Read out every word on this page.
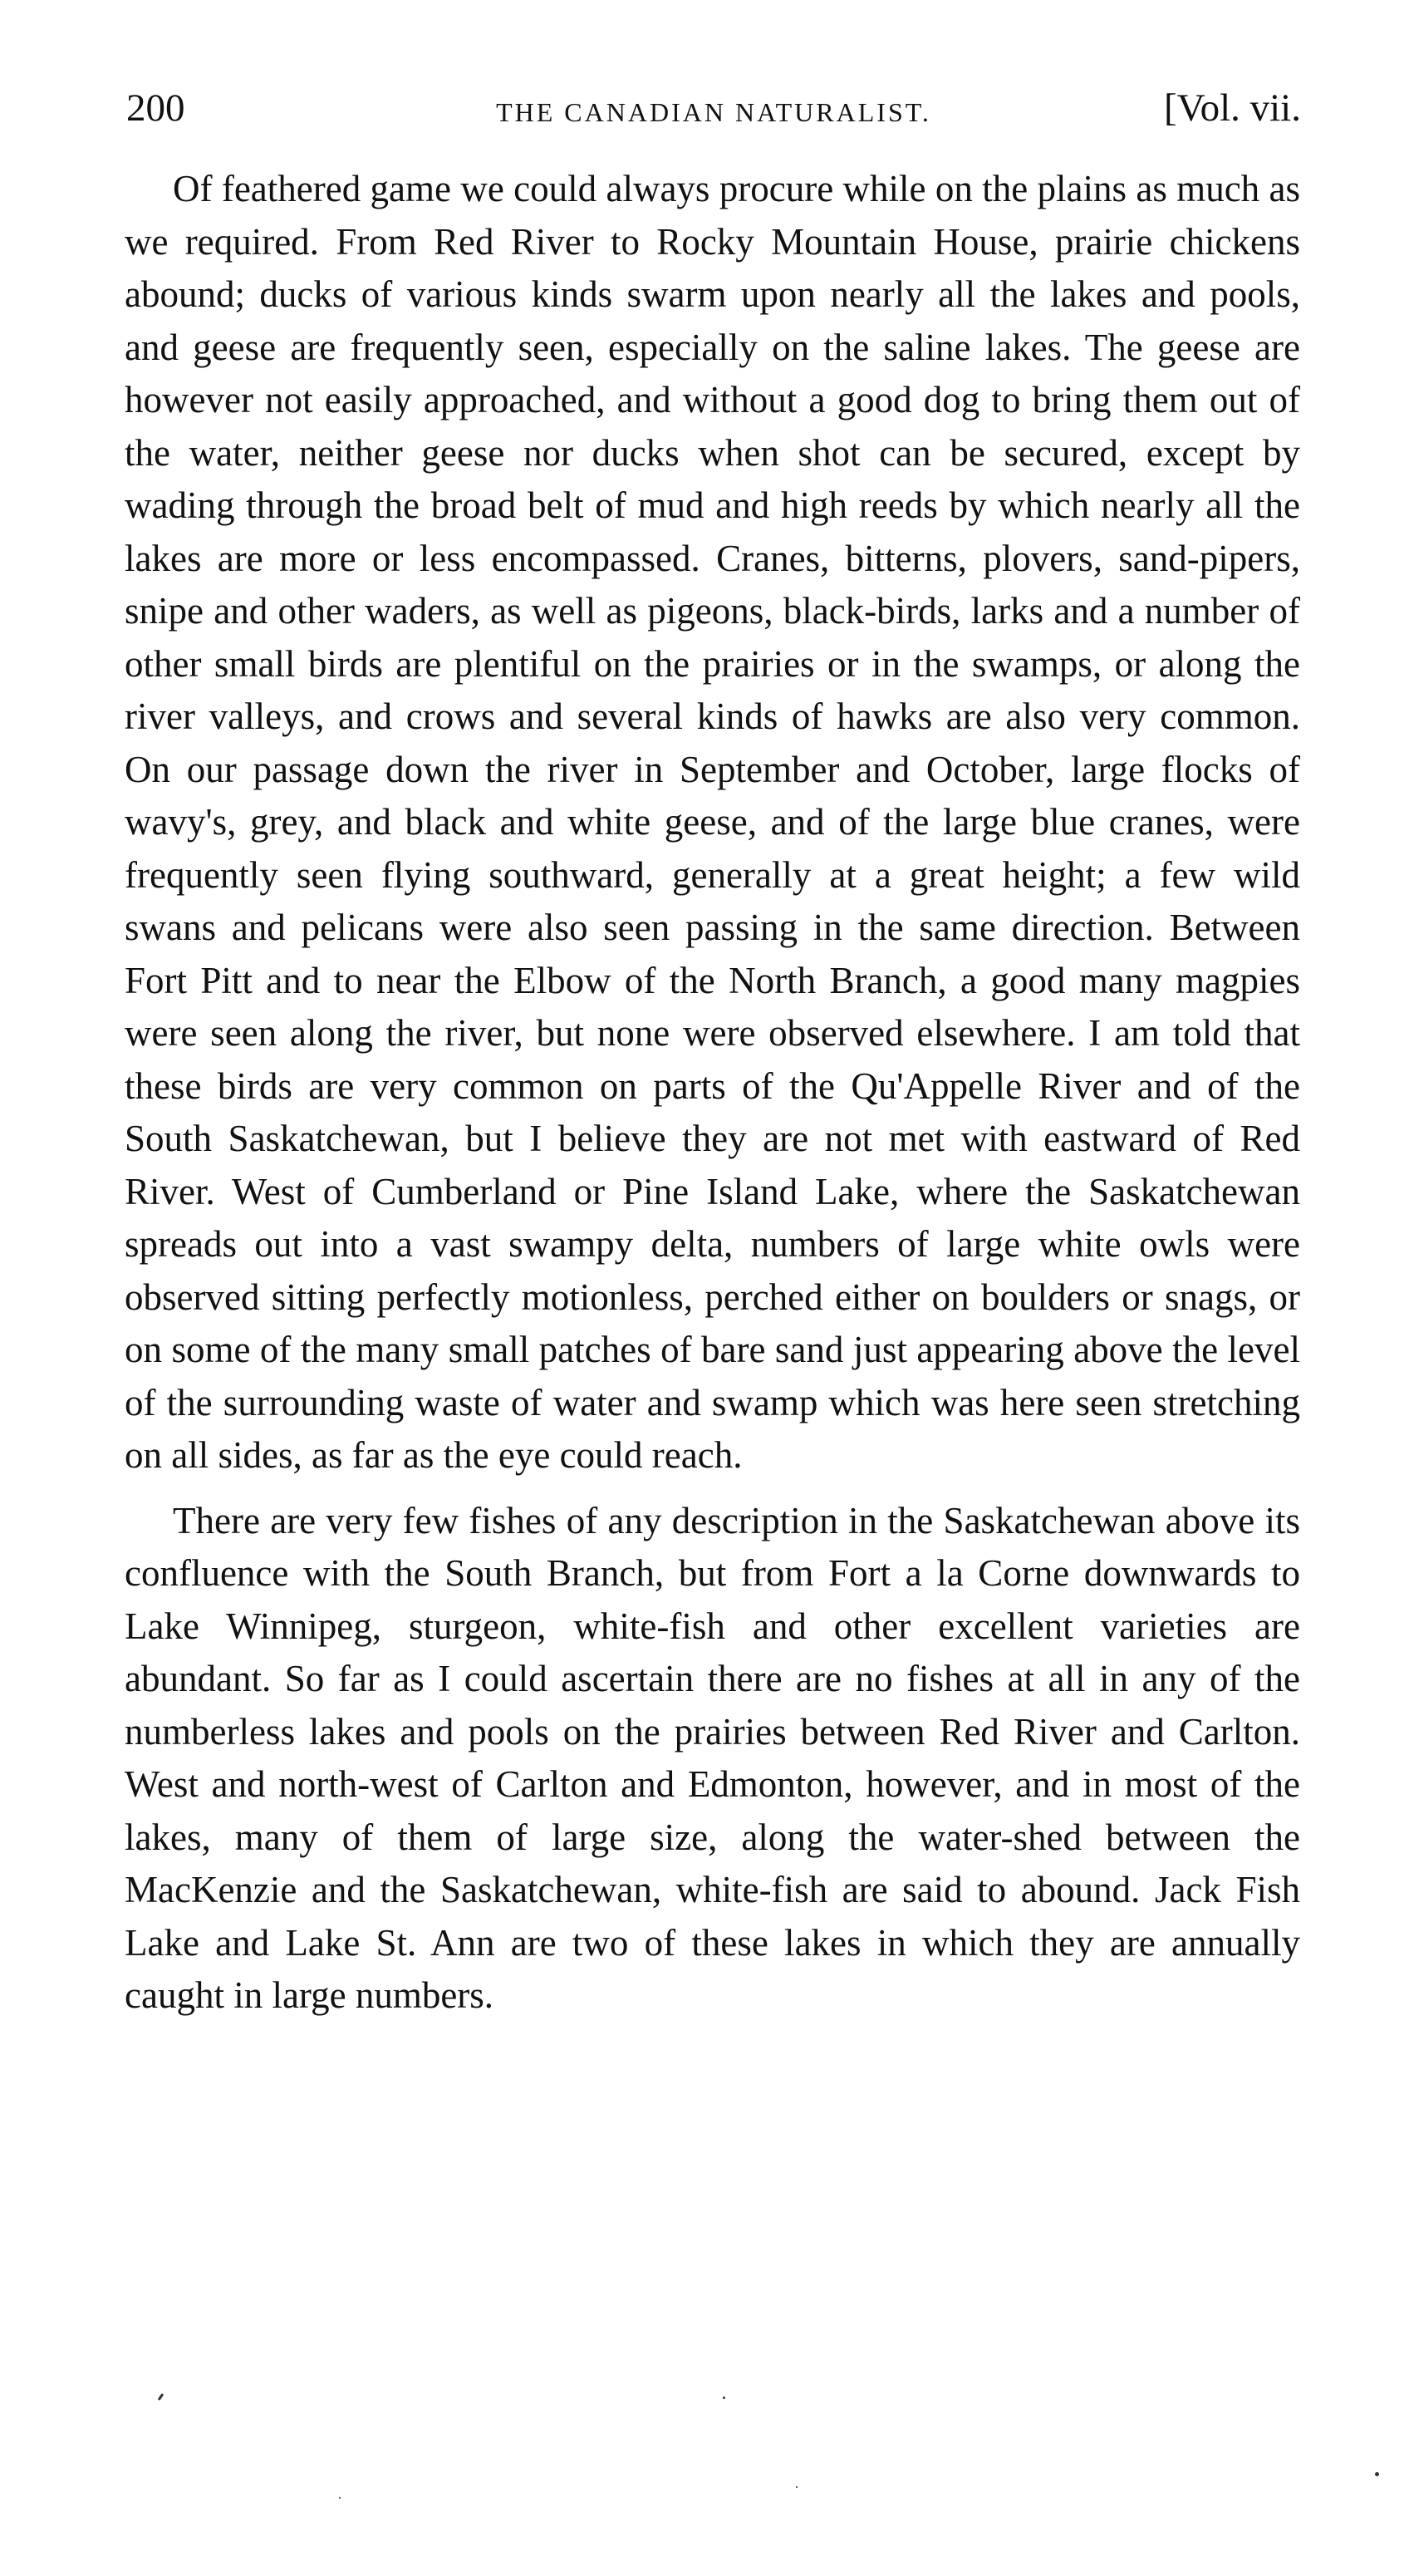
200	THE CANADIAN NATURALIST.	[Vol. vii.

Of feathered game we could always procure while on the plains as much as we required. From Red River to Rocky Mountain House, prairie chickens abound; ducks of various kinds swarm upon nearly all the lakes and pools, and geese are frequently seen, especially on the saline lakes. The geese are however not easily approached, and without a good dog to bring them out of the water, neither geese nor ducks when shot can be secured, except by wading through the broad belt of mud and high reeds by which nearly all the lakes are more or less encompassed. Cranes, bitterns, plovers, sand-pipers, snipe and other waders, as well as pigeons, black-birds, larks and a number of other small birds are plentiful on the prairies or in the swamps, or along the river valleys, and crows and several kinds of hawks are also very common. On our passage down the river in September and October, large flocks of wavy's, grey, and black and white geese, and of the large blue cranes, were frequently seen flying southward, generally at a great height; a few wild swans and pelicans were also seen passing in the same direction. Between Fort Pitt and to near the Elbow of the North Branch, a good many magpies were seen along the river, but none were observed elsewhere. I am told that these birds are very common on parts of the Qu'Appelle River and of the South Saskatchewan, but I believe they are not met with eastward of Red River. West of Cumberland or Pine Island Lake, where the Saskatchewan spreads out into a vast swampy delta, numbers of large white owls were observed sitting perfectly motionless, perched either on boulders or snags, or on some of the many small patches of bare sand just appearing above the level of the surrounding waste of water and swamp which was here seen stretching on all sides, as far as the eye could reach.

There are very few fishes of any description in the Saskatchewan above its confluence with the South Branch, but from Fort a la Corne downwards to Lake Winnipeg, sturgeon, white-fish and other excellent varieties are abundant. So far as I could ascertain there are no fishes at all in any of the numberless lakes and pools on the prairies between Red River and Carlton. West and north-west of Carlton and Edmonton, however, and in most of the lakes, many of them of large size, along the water-shed between the MacKenzie and the Saskatchewan, white-fish are said to abound. Jack Fish Lake and Lake St. Ann are two of these lakes in which they are annually caught in large numbers.
